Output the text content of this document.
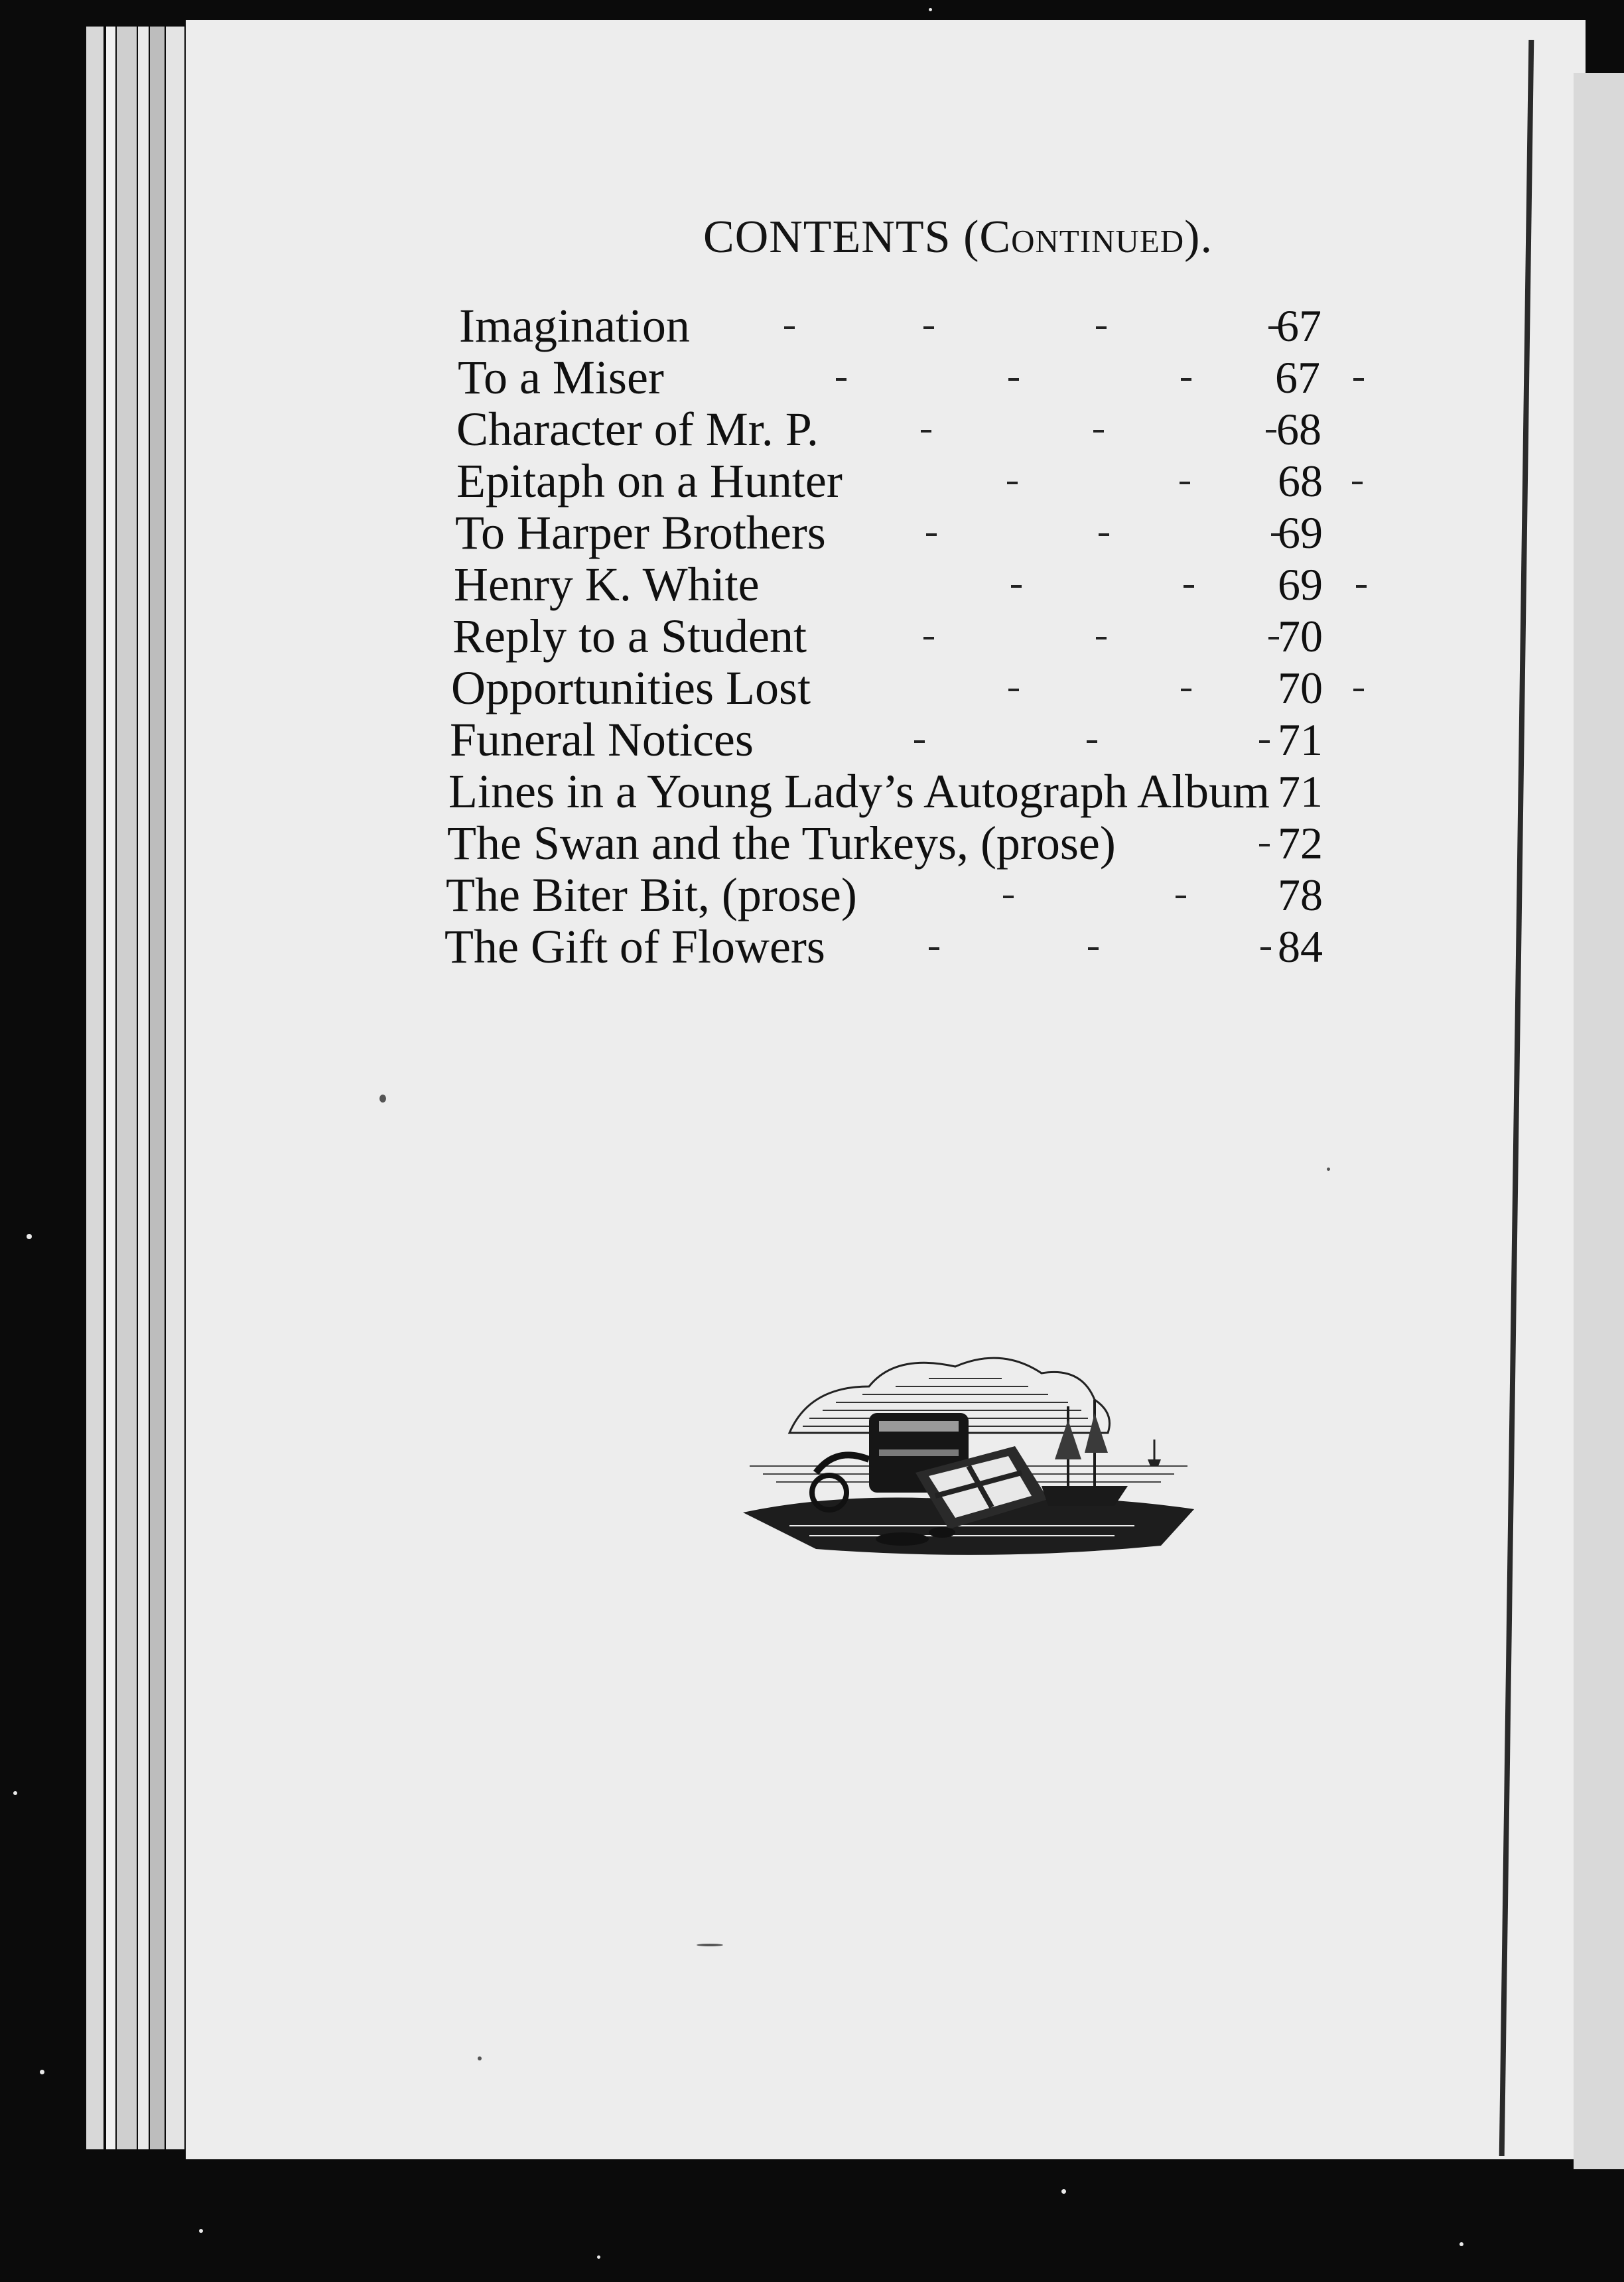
CONTENTS (Continued).
Imagination	67
To a Miser	67
Character of Mr. P.	68
Epitaph on a Hunter	68
To Harper Brothers	69
Henry K. White	69
Reply to a Student	70
Opportunities Lost	70
Funeral Notices	71
Lines in a Young Lady’s Autograph Album 71
The Swan and the Turkeys, (prose)	72
The Biter Bit, (prose)	78
The Gift of Flowers	84
